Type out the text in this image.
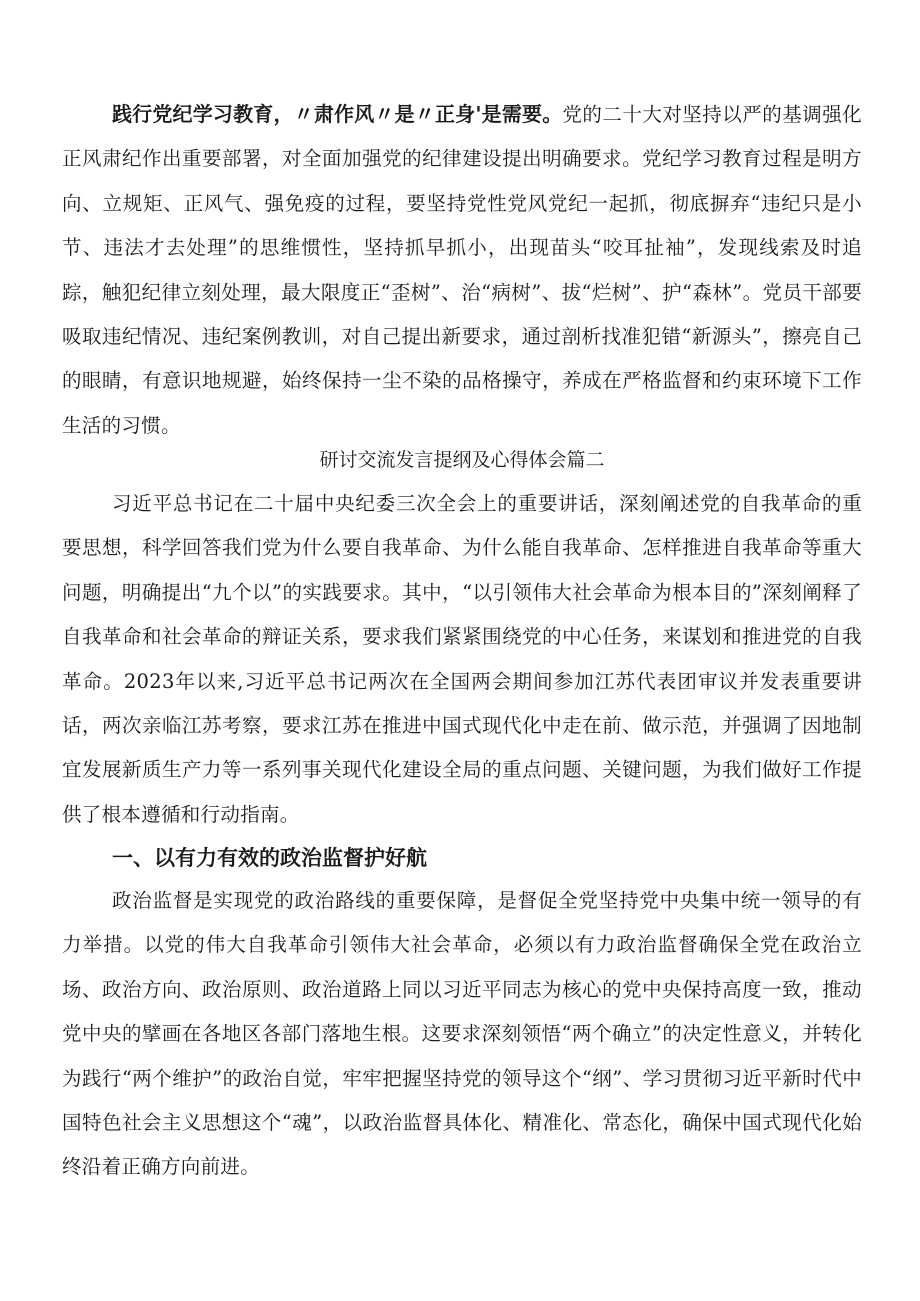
践行党纪学习教育，〃肃作风〃是〃正身'是需要。党的二十大对坚持以严的基调强化正风肃纪作出重要部署，对全面加强党的纪律建设提出明确要求。党纪学习教育过程是明方向、立规矩、正风气、强免疫的过程，要坚持党性党风党纪一起抓，彻底摒弃“违纪只是小节、违法才去处理”的思维惯性，坚持抓早抓小，出现苗头“咬耳扯袖”，发现线索及时追踪，触犯纪律立刻处理，最大限度正“歪树”、治“病树”、拔“烂树”、护“森林”。党员干部要吸取违纪情况、违纪案例教训，对自己提出新要求，通过剖析找准犯错“新源头”，擦亮自己的眼睛，有意识地规避，始终保持一尘不染的品格操守，养成在严格监督和约束环境下工作生活的习惯。

研讨交流发言提纲及心得体会篇二

习近平总书记在二十届中央纪委三次全会上的重要讲话，深刻阐述党的自我革命的重要思想，科学回答我们党为什么要自我革命、为什么能自我革命、怎样推进自我革命等重大问题，明确提出“九个以”的实践要求。其中，“以引领伟大社会革命为根本目的”深刻阐释了自我革命和社会革命的辩证关系，要求我们紧紧围绕党的中心任务，来谋划和推进党的自我革命。2023年以来,习近平总书记两次在全国两会期间参加江苏代表团审议并发表重要讲话，两次亲临江苏考察，要求江苏在推进中国式现代化中走在前、做示范，并强调了因地制宜发展新质生产力等一系列事关现代化建设全局的重点问题、关键问题，为我们做好工作提供了根本遵循和行动指南。

一、以有力有效的政治监督护好航

政治监督是实现党的政治路线的重要保障，是督促全党坚持党中央集中统一领导的有力举措。以党的伟大自我革命引领伟大社会革命，必须以有力政治监督确保全党在政治立场、政治方向、政治原则、政治道路上同以习近平同志为核心的党中央保持高度一致，推动党中央的擘画在各地区各部门落地生根。这要求深刻领悟“两个确立”的决定性意义，并转化为践行“两个维护”的政治自觉，牢牢把握坚持党的领导这个“纲”、学习贯彻习近平新时代中国特色社会主义思想这个“魂”，以政治监督具体化、精准化、常态化，确保中国式现代化始终沿着正确方向前进。
